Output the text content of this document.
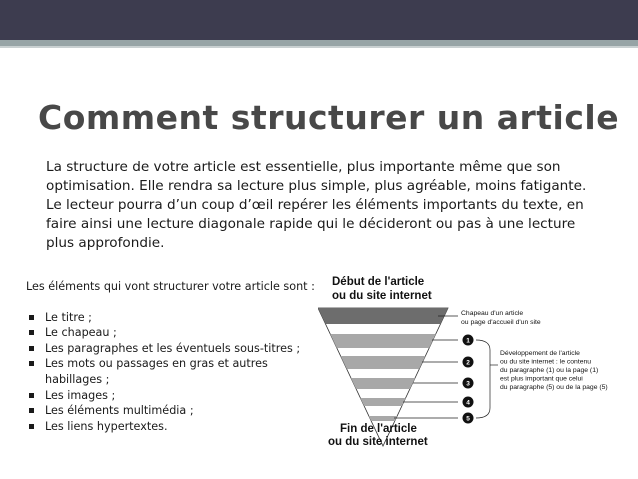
Comment structurer un article

La structure de votre article est essentielle, plus importante même que son optimisation. Elle rendra sa lecture plus simple, plus agréable, moins fatigante. Le lecteur pourra d’un coup d’œil repérer les éléments importants du texte, en faire ainsi une lecture diagonale rapide qui le décideront ou pas à une lecture plus approfondie.

Les éléments qui vont structurer votre article sont :

Le titre ;
Le chapeau ;
Les paragraphes et les éventuels sous-titres ;
Les mots ou passages en gras et autres habillages ;
Les images ;
Les éléments multimédia ;
Les liens hypertextes.
Début de l'article
ou du site internet
1
2
3
4
5
Chapeau d'un article
ou page d'accueil d'un site
Développement de l'article
ou du site internet : le contenu
du paragraphe (1) ou la page (1)
est plus important que celui
du paragraphe (5) ou de la page (5)
Fin de l'article
ou du site internet
